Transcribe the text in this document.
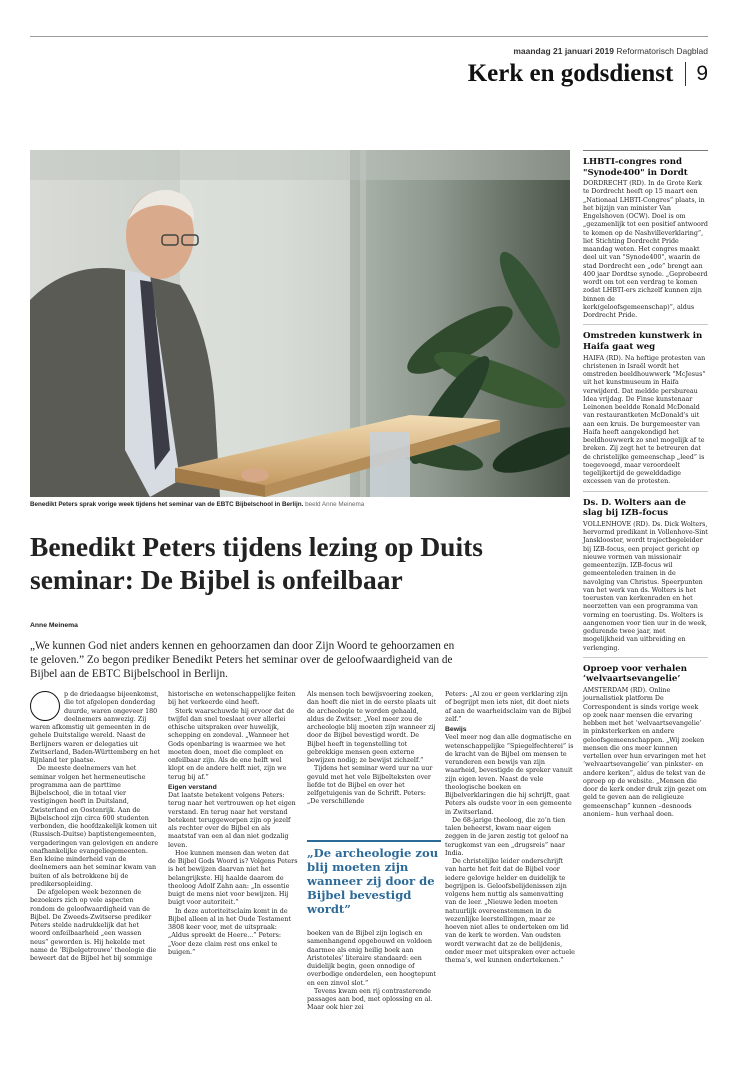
maandag 21 januari 2019 Reformatorisch Dagblad
Kerk en godsdienst 9
Benedikt Peters sprak vorige week tijdens het seminar van de EBTC Bijbelschool in Berlijn. beeld Anne Meinema
Benedikt Peters tijdens lezing op Duits seminar: De Bijbel is onfeilbaar
Anne Meinema
„We kunnen God niet anders kennen en gehoorzamen dan door Zijn Woord te gehoorzamen en te geloven.” Zo begon prediker Benedikt Peters het seminar over de geloofwaardigheid van de Bijbel aan de EBTC Bijbelschool in Berlijn.

p de driedaagse bijeenkomst, die tot afgelopen donderdag duurde, waren ongeveer 180 deelnemers aanwezig. Zij waren afkomstig uit gemeenten in de gehele Duitstalige wereld. Naast de Berlijners waren er delegaties uit Zwitserland, Baden-Württemberg en het Rijnland ter plaatse.

De meeste deelnemers van het seminar volgen het hermeneutische programma aan de parttime Bijbelschool, die in totaal vier vestigingen heeft in Duitsland, Zwisterland en Oostenrijk. Aan de Bijbelschool zijn circa 600 studenten verbonden, die hoofdzakelijk komen uit (Russisch-Duitse) baptistengemeenten, vergaderingen van gelovigen en andere onafhankelijke evangeliegemeenten. Een kleine minderheid van de deelnemers aan het seminar kwam van buiten of als betrokkene bij de predikersopleiding.

De afgelopen week bezonnen de bezoekers zich op vele aspecten rondom de geloofwaardigheid van de Bijbel. De Zweeds-Zwitserse prediker Peters stelde nadrukkelijk dat het woord onfeilbaarheid „een wassen neus” geworden is. Hij hekelde met name de ‘Bijbelgetrouwe’ theologie die beweert dat de Bijbel het bij sommige

historische en wetenschappelijke feiten bij het verkeerde eind heeft.

Sterk waarschuwde hij ervoor dat de twijfel dan snel toeslaat over allerlei ethische uitspraken over huwelijk, schepping en zondeval. „Wanneer het Gods openbaring is waarmee we het moeten doen, moet die compleet en onfeilbaar zijn. Als de ene helft wel klopt en de andere helft niet, zijn we terug bij af.”

Eigen verstand

Dat laatste betekent volgens Peters: terug naar het vertrouwen op het eigen verstand. En terug naar het verstand betekent teruggeworpen zijn op jezelf als rechter over de Bijbel en als maatstaf van een al dan niet godzalig leven.

Hoe kunnen mensen dan weten dat de Bijbel Gods Woord is? Volgens Peters is het bewijzen daarvan niet het belangrijkste. Hij haalde daarom de theoloog Adolf Zahn aan: „In essentie buigt de mens niet voor bewijzen. Hij buigt voor autoriteit.”

In deze autoriteitsclaim komt in de Bijbel alleen al in het Oude Testament 3808 keer voor, met de uitspraak: „Aldus spreekt de Heere...” Peters: „Voor deze claim rest ons enkel te buigen.”

Als mensen toch bewijsvoering zoeken, dan hoeft die niet in de eerste plaats uit de archeologie te worden gehaald, aldus de Zwitser. „Veel meer zou de archeologie blij moeten zijn wanneer zij door de Bijbel bevestigd wordt. De Bijbel heeft in tegenstelling tot gebrekkige mensen geen externe bewijzen nodig; ze bewijst zichzelf.”

Tijdens het seminar werd uur na uur gevuld met het vele Bijbelteksten over liefde tot de Bijbel en over het zelfgetuigenis van de Schrift. Peters: „De verschillende

„De archeologie zou blij moeten zijn wanneer zij door de Bijbel bevestigd wordt”

boeken van de Bijbel zijn logisch en samenhangend opgebouwd en voldoen daarmee als enig heilig boek aan Aristoteles’ literaire standaard: een duidelijk begin, geen onnodige of overbodige onderdelen, een hoogtepunt en een zinvol slot.”

Tevens kwam een rij contrasterende passages aan bod, met oplossing en al. Maar ook hier zei

Peters: „Al zou er geen verklaring zijn of begrijpt men iets niet, dit doet niets af aan de waarheidsclaim van de Bijbel zelf.”

Bewijs

Veel meer nog dan alle dogmatische en wetenschappelijke “Spiegelfechterei” is de kracht van de Bijbel om mensen te veranderen een bewijs van zijn waarheid, bevestigde de spreker vanuit zijn eigen leven. Naast de vele theologische boeken en Bijbelverklaringen die hij schrijft, gaat Peters als oudste voor in een gemeente in Zwitserland.

De 68-jarige theoloog, die zo’n tien talen beheerst, kwam naar eigen zeggen in de jaren zestig tot geloof na terugkomst van een „drugsreis” naar India.

De christelijke leider onderschrijft van harte het feit dat de Bijbel voor iedere gelovige helder en duidelijk te begrijpen is. Geloofsbelijdenissen zijn volgens hem nuttig als samenvatting van de leer. „Nieuwe leden moeten natuurlijk overeenstemmen in de wezenlijke leerstellingen, maar ze hoeven niet alles te onderteken om lid van de kerk te worden. Van oudsten wordt verwacht dat ze de belijdenis, onder meer met uitspraken over actuele thema’s, wel kunnen ondertekenen.”

LHBTI-congres rond "Synode400" in Dordt
DORDRECHT (RD). In de Grote Kerk te Dordrecht heeft op 15 maart een „Nationaal LHBTI-Congres” plaats, in het bijzijn van minister Van Engelshoven (OCW). Doel is om „gezamenlijk tot een positief antwoord te komen op de Nashvilleverklaring”, liet Stichting Dordrecht Pride maandag weten. Het congres maakt deel uit van "Synode400", waarin de stad Dordrecht een „ode” brengt aan 400 jaar Dordtse synode. „Geprobeerd wordt om tot een verdrag te komen zodat LHBTI-ers zichzelf kunnen zijn binnen de kerk(geloofsgemeenschap)”, aldus Dordrecht Pride.
Omstreden kunstwerk in Haifa gaat weg
HAIFA (RD). Na heftige protesten van christenen in Israël wordt het omstreden beeldhouwwerk "McJesus" uit het kunstmuseum in Haifa verwijderd. Dat meldde persbureau Idea vrijdag. De Finse kunstenaar Leinonen beeldde Ronald McDonald van restaurantketen McDonald’s uit aan een kruis. De burgemeester van Haifa heeft aangekondigd het beeldhouwwerk zo snel mogelijk af te breken. Zij zegt het te betreuren dat de christelijke gemeenschap „leed” is toegevoegd, maar veroordeelt tegelijkertijd de gewelddadige excessen van de protesten.
Ds. D. Wolters aan de slag bij IZB-focus
VOLLENHOVE (RD). Ds. Dick Wolters, hervormd predikant in Vollenhove-Sint Jansklooster, wordt trajectbegeleider bij IZB-focus, een project gericht op nieuwe vormen van missionair gemeentezijn. IZB-focus wil gemeenteleden trainen in de navolging van Christus. Speerpunten van het werk van ds. Wolters is het toerusten van kerkenraden en het neerzetten van een programma van vorming en toerusting. Ds. Wolters is aangenomen voor tien uur in de week, gedurende twee jaar, met mogelijkheid van uitbreiding en verlenging.
Oproep voor verhalen ‘welvaartsevangelie’
AMSTERDAM (RD). Online journalistiek platform De Correspondent is sinds vorige week op zoek naar mensen die ervaring hebben met het ‘welvaartsevangelie’ in pinksterkerken en andere geloofsgemeenschappen. „Wij zoeken mensen die ons meer kunnen vertellen over hun ervaringen met het ‘welvaartsevangelie’ van pinkster- en andere kerken”, aldus de tekst van de oproep op de website. „Mensen die door de kerk onder druk zijn gezet om geld te geven aan de religieuze gemeenschap” kunnen –desnoods anoniem– hun verhaal doen.
